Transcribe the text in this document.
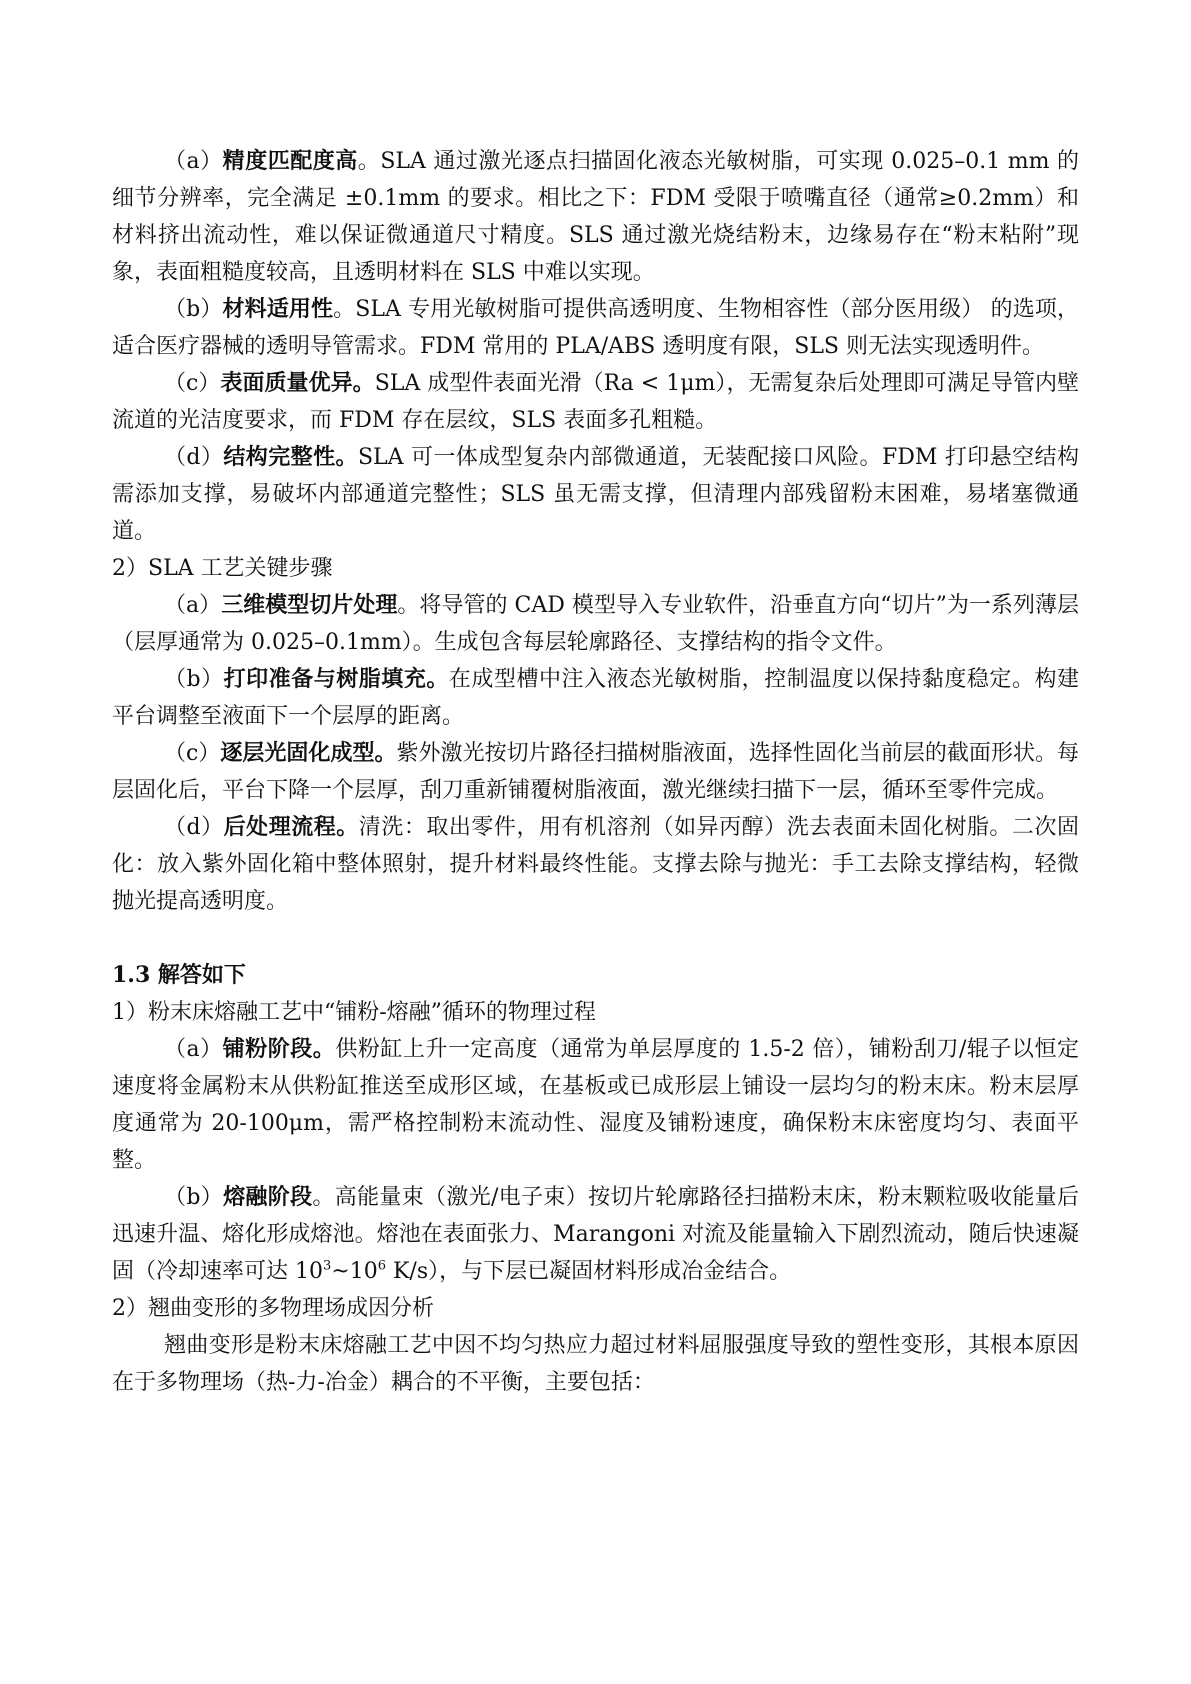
（a）精度匹配度高。SLA 通过激光逐点扫描固化液态光敏树脂，可实现 0.025–0.1 mm 的细节分辨率，完全满足 ±0.1mm 的要求。相比之下：FDM 受限于喷嘴直径（通常≥0.2mm）和材料挤出流动性，难以保证微通道尺寸精度。SLS 通过激光烧结粉末，边缘易存在“粉末粘附”现象，表面粗糙度较高，且透明材料在 SLS 中难以实现。

（b）材料适用性。SLA 专用光敏树脂可提供高透明度、生物相容性（部分医用级） 的选项，适合医疗器械的透明导管需求。FDM 常用的 PLA/ABS 透明度有限，SLS 则无法实现透明件。

（c）表面质量优异。SLA 成型件表面光滑（Ra < 1μm），无需复杂后处理即可满足导管内壁流道的光洁度要求，而 FDM 存在层纹，SLS 表面多孔粗糙。

（d）结构完整性。SLA 可一体成型复杂内部微通道，无装配接口风险。FDM 打印悬空结构需添加支撑，易破坏内部通道完整性；SLS 虽无需支撑，但清理内部残留粉末困难，易堵塞微通道。

2）SLA 工艺关键步骤

（a）三维模型切片处理。将导管的 CAD 模型导入专业软件，沿垂直方向“切片”为一系列薄层（层厚通常为 0.025–0.1mm）。生成包含每层轮廓路径、支撑结构的指令文件。

（b）打印准备与树脂填充。在成型槽中注入液态光敏树脂，控制温度以保持黏度稳定。构建平台调整至液面下一个层厚的距离。

（c）逐层光固化成型。紫外激光按切片路径扫描树脂液面，选择性固化当前层的截面形状。每层固化后，平台下降一个层厚，刮刀重新铺覆树脂液面，激光继续扫描下一层，循环至零件完成。

（d）后处理流程。清洗：取出零件，用有机溶剂（如异丙醇）洗去表面未固化树脂。二次固化：放入紫外固化箱中整体照射，提升材料最终性能。支撑去除与抛光：手工去除支撑结构，轻微抛光提高透明度。

1.3 解答如下

1）粉末床熔融工艺中“铺粉-熔融”循环的物理过程

（a）铺粉阶段。供粉缸上升一定高度（通常为单层厚度的 1.5-2 倍），铺粉刮刀/辊子以恒定速度将金属粉末从供粉缸推送至成形区域，在基板或已成形层上铺设一层均匀的粉末床。粉末层厚度通常为 20-100μm，需严格控制粉末流动性、湿度及铺粉速度，确保粉末床密度均匀、表面平整。

（b）熔融阶段。高能量束（激光/电子束）按切片轮廓路径扫描粉末床，粉末颗粒吸收能量后迅速升温、熔化形成熔池。熔池在表面张力、Marangoni 对流及能量输入下剧烈流动，随后快速凝固（冷却速率可达 $10^3\sim 10^6$ K/s），与下层已凝固材料形成冶金结合。

2）翘曲变形的多物理场成因分析

翘曲变形是粉末床熔融工艺中因不均匀热应力超过材料屈服强度导致的塑性变形，其根本原因在于多物理场（热-力-冶金）耦合的不平衡，主要包括：
